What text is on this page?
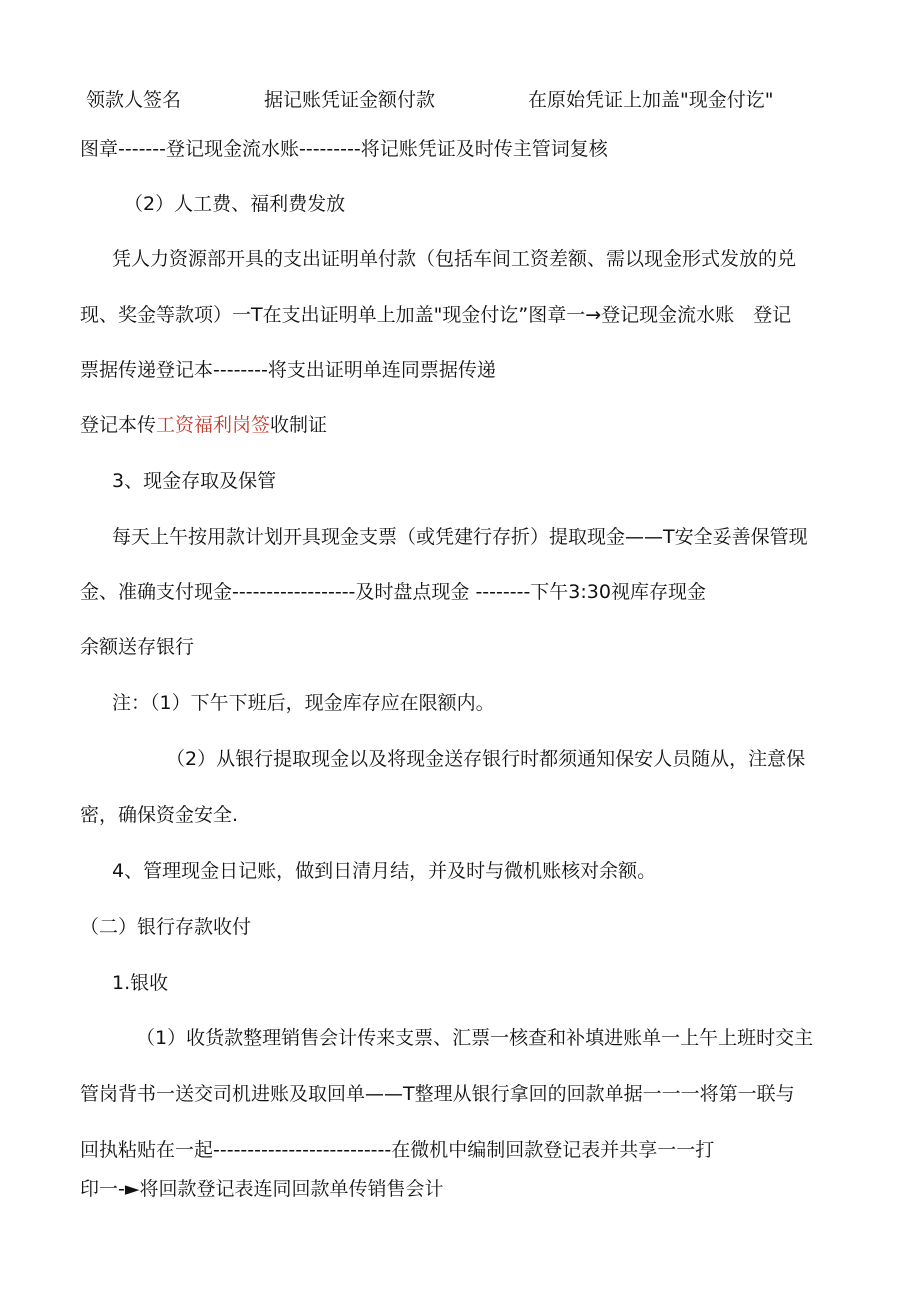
领款人签名	据记账凭证金额付款	在原始凭证上加盖"现金付讫"
图章-------登记现金流水账---------将记账凭证及时传主管词复核
（2）人工费、福利费发放
凭人力资源部开具的支出证明单付款（包括车间工资差额、需以现金形式发放的兑
现、奖金等款项）一T在支出证明单上加盖"现金付讫”图章一→登记现金流水账　登记
票据传递登记本--------将支出证明单连同票据传递
登记本传工资福利岗签收制证
3、现金存取及保管
每天上午按用款计划开具现金支票（或凭建行存折）提取现金——T安全妥善保管现
金、准确支付现金------------------及时盘点现金 --------下午3:30视库存现金
余额送存银行
注：（1）下午下班后，现金库存应在限额内。
（2）从银行提取现金以及将现金送存银行时都须通知保安人员随从，注意保
密，确保资金安全.
4、管理现金日记账，做到日清月结，并及时与微机账核对余额。
（二）银行存款收付
1.银收
（1）收货款整理销售会计传来支票、汇票一核查和补填进账单一上午上班时交主
管岗背书一送交司机进账及取回单——T整理从银行拿回的回款单据一一一将第一联与
回执粘贴在一起--------------------------在微机中编制回款登记表并共享一一打
印一-►将回款登记表连同回款单传销售会计
